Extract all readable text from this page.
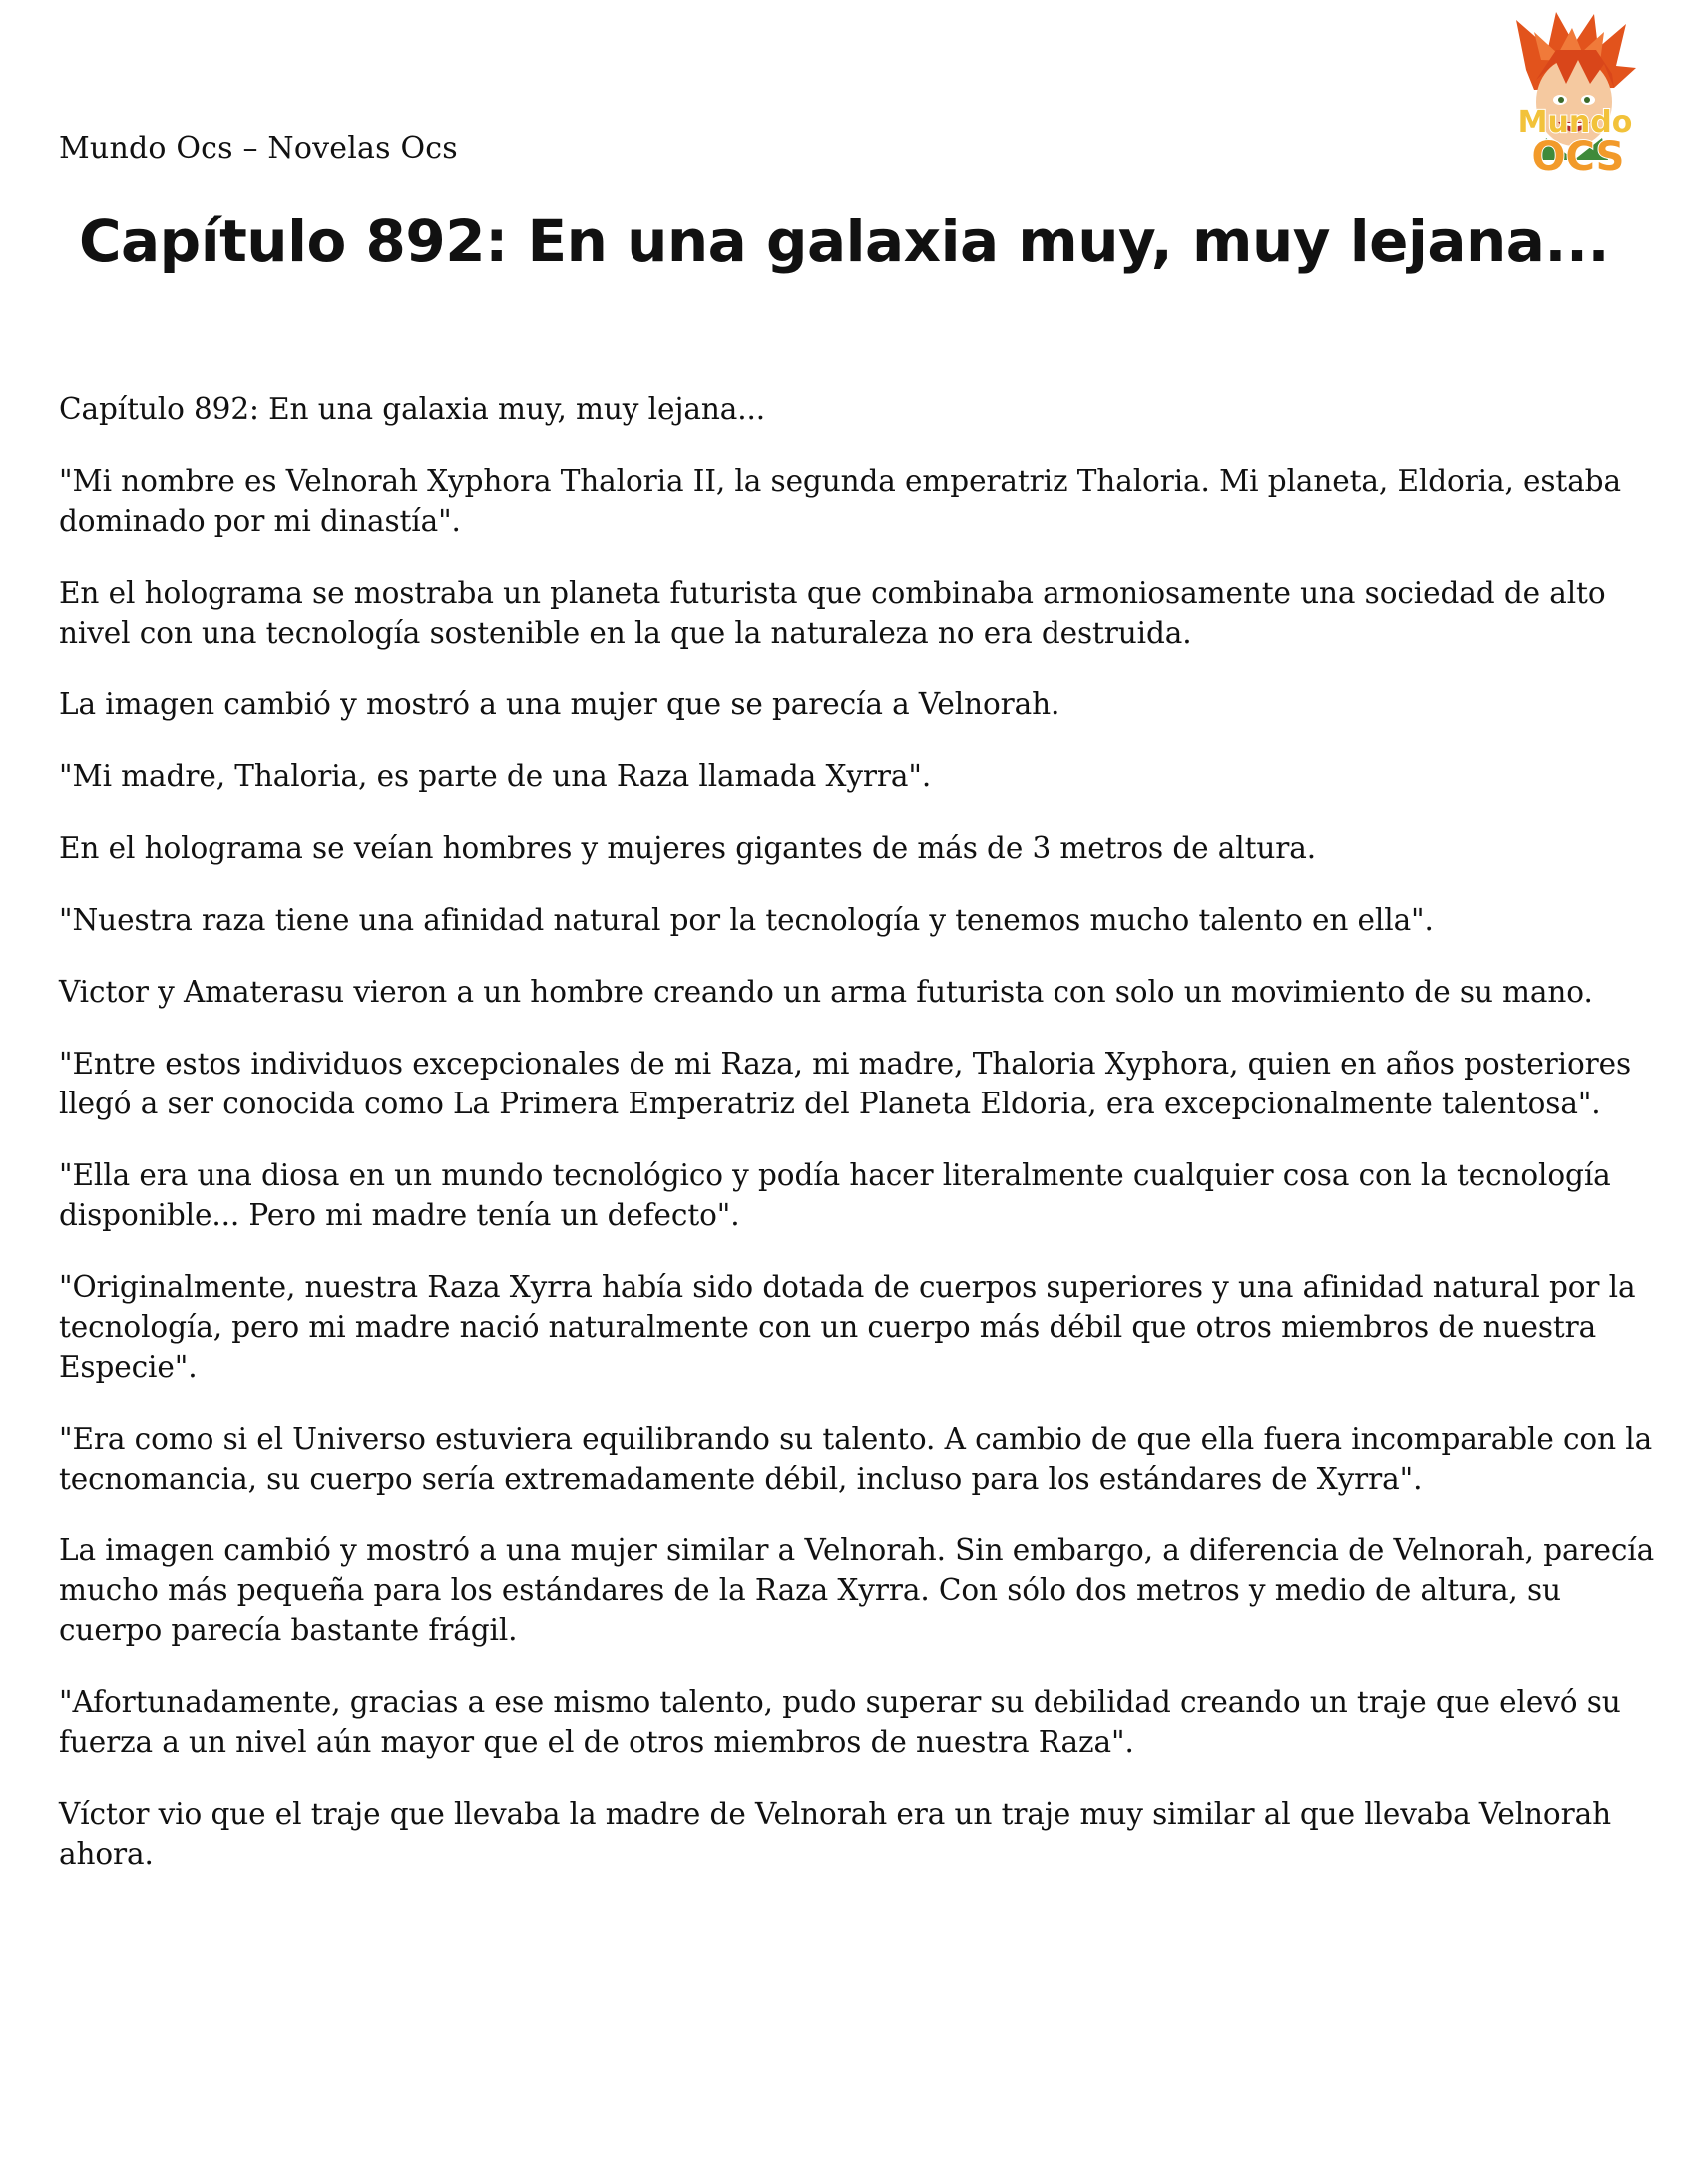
Mundo Ocs – Novelas Ocs
Mundo
OCS
Capítulo 892: En una galaxia muy, muy lejana...

Capítulo 892: En una galaxia muy, muy lejana...

"Mi nombre es Velnorah Xyphora Thaloria II, la segunda emperatriz Thaloria. Mi planeta, Eldoria, estaba dominado por mi dinastía".

En el holograma se mostraba un planeta futurista que combinaba armoniosamente una sociedad de alto nivel con una tecnología sostenible en la que la naturaleza no era destruida.

La imagen cambió y mostró a una mujer que se parecía a Velnorah.

"Mi madre, Thaloria, es parte de una Raza llamada Xyrra".

En el holograma se veían hombres y mujeres gigantes de más de 3 metros de altura.

"Nuestra raza tiene una afinidad natural por la tecnología y tenemos mucho talento en ella".

Victor y Amaterasu vieron a un hombre creando un arma futurista con solo un movimiento de su mano.

"Entre estos individuos excepcionales de mi Raza, mi madre, Thaloria Xyphora, quien en años posteriores llegó a ser conocida como La Primera Emperatriz del Planeta Eldoria, era excepcionalmente talentosa".

"Ella era una diosa en un mundo tecnológico y podía hacer literalmente cualquier cosa con la tecnología disponible... Pero mi madre tenía un defecto".

"Originalmente, nuestra Raza Xyrra había sido dotada de cuerpos superiores y una afinidad natural por la tecnología, pero mi madre nació naturalmente con un cuerpo más débil que otros miembros de nuestra Especie".

"Era como si el Universo estuviera equilibrando su talento. A cambio de que ella fuera incomparable con la tecnomancia, su cuerpo sería extremadamente débil, incluso para los estándares de Xyrra".

La imagen cambió y mostró a una mujer similar a Velnorah. Sin embargo, a diferencia de Velnorah, parecía mucho más pequeña para los estándares de la Raza Xyrra. Con sólo dos metros y medio de altura, su cuerpo parecía bastante frágil.

"Afortunadamente, gracias a ese mismo talento, pudo superar su debilidad creando un traje que elevó su fuerza a un nivel aún mayor que el de otros miembros de nuestra Raza".

Víctor vio que el traje que llevaba la madre de Velnorah era un traje muy similar al que llevaba Velnorah ahora.
